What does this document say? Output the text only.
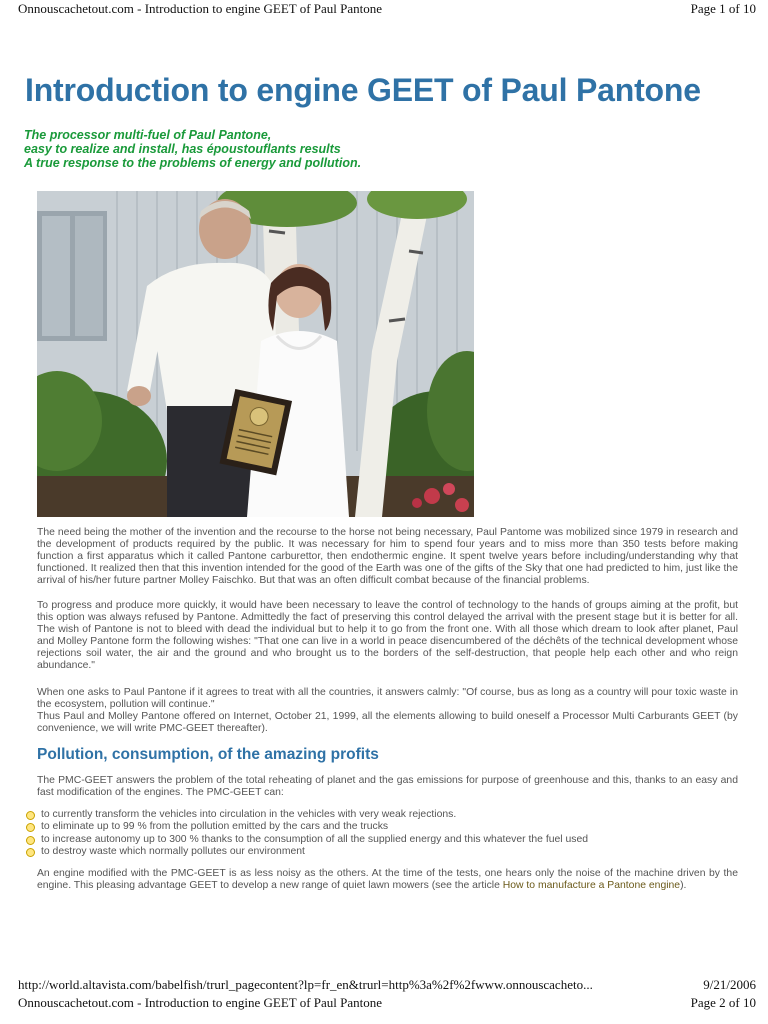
Onnouscachetout.com - Introduction to engine GEET of Paul Pantone	Page 1 of 10
Introduction to engine GEET of Paul Pantone
The processor multi-fuel of Paul Pantone,
easy to realize and install, has époustouflants results
A true response to the problems of energy and pollution.

The need being the mother of the invention and the recourse to the horse not being necessary, Paul Pantome was mobilized since 1979 in research and the development of products required by the public. It was necessary for him to spend four years and to miss more than 350 tests before making function a first apparatus which it called Pantone carburettor, then endothermic engine. It spent twelve years before including/understanding why that functioned. It realized then that this invention intended for the good of the Earth was one of the gifts of the Sky that one had predicted to him, just like the arrival of his/her future partner Molley Faischko. But that was an often difficult combat because of the financial problems.

To progress and produce more quickly, it would have been necessary to leave the control of technology to the hands of groups aiming at the profit, but this option was always refused by Pantone. Admittedly the fact of preserving this control delayed the arrival with the present stage but it is better for all. The wish of Pantone is not to bleed with dead the individual but to help it to go from the front one. With all those which dream to look after planet, Paul and Molley Pantone form the following wishes: "That one can live in a world in peace disencumbered of the déchêts of the technical development whose rejections soil water, the air and the ground and who brought us to the borders of the self-destruction, that people help each other and who reign abundance."

When one asks to Paul Pantone if it agrees to treat with all the countries, it answers calmly: "Of course, bus as long as a country will pour toxic waste in the ecosystem, pollution will continue."

Thus Paul and Molley Pantone offered on Internet, October 21, 1999, all the elements allowing to build oneself a Processor Multi Carburants GEET (by convenience, we will write PMC-GEET thereafter).

Pollution, consumption, of the amazing profits

The PMC-GEET answers the problem of the total reheating of planet and the gas emissions for purpose of greenhouse and this, thanks to an easy and fast modification of the engines. The PMC-GEET can:

to currently transform the vehicles into circulation in the vehicles with very weak rejections.
to eliminate up to 99 % from the pollution emitted by the cars and the trucks
to increase autonomy up to 300 % thanks to the consumption of all the supplied energy and this whatever the fuel used
to destroy waste which normally pollutes our environment

An engine modified with the PMC-GEET is as less noisy as the others. At the time of the tests, one hears only the noise of the machine driven by the engine. This pleasing advantage GEET to develop a new range of quiet lawn mowers (see the article How to manufacture a Pantone engine).

http://world.altavista.com/babelfish/trurl_pagecontent?lp=fr_en&trurl=http%3a%2f%2fwww.onnouscacheto...	9/21/2006
Onnouscachetout.com - Introduction to engine GEET of Paul Pantone	Page 2 of 10
